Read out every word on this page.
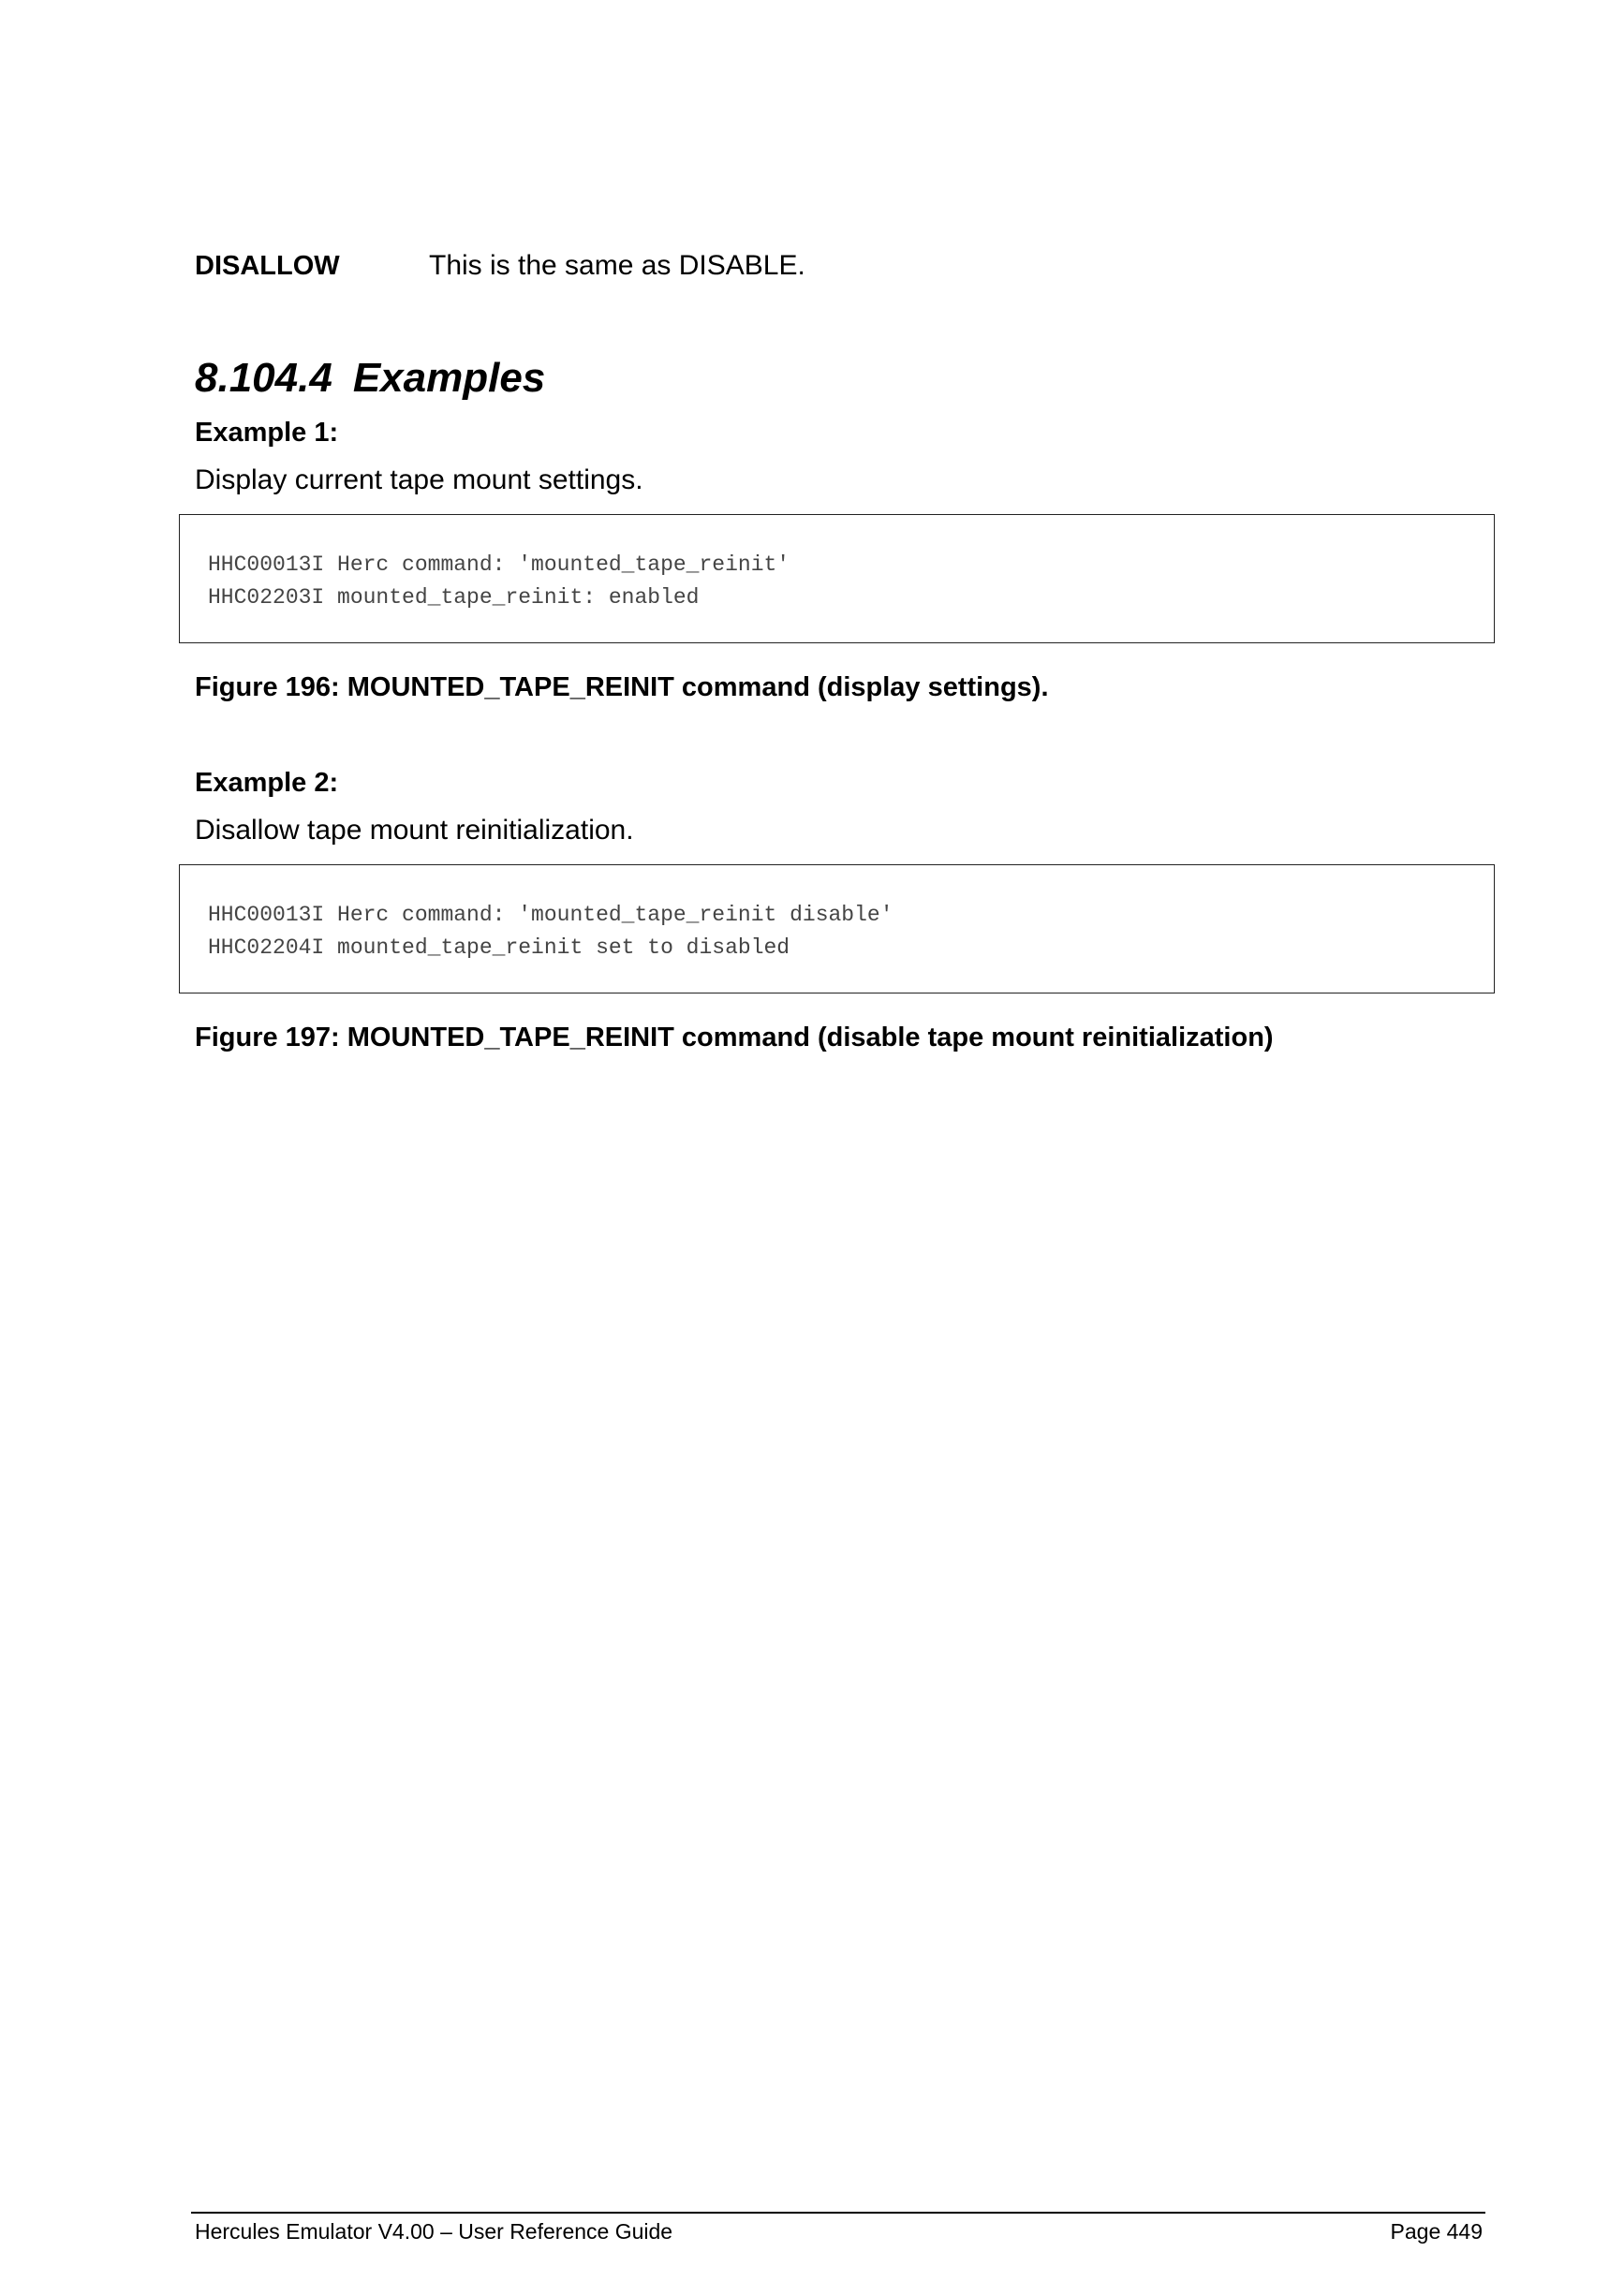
DISALLOW	This is the same as DISABLE.
8.104.4 Examples
Example 1:
Display current tape mount settings.
HHC00013I Herc command: 'mounted_tape_reinit'
HHC02203I mounted_tape_reinit: enabled
Figure 196: MOUNTED_TAPE_REINIT command (display settings).
Example 2:
Disallow tape mount reinitialization.
HHC00013I Herc command: 'mounted_tape_reinit disable'
HHC02204I mounted_tape_reinit set to disabled
Figure 197: MOUNTED_TAPE_REINIT command (disable tape mount reinitialization)
Hercules Emulator V4.00 – User Reference Guide	Page 449
